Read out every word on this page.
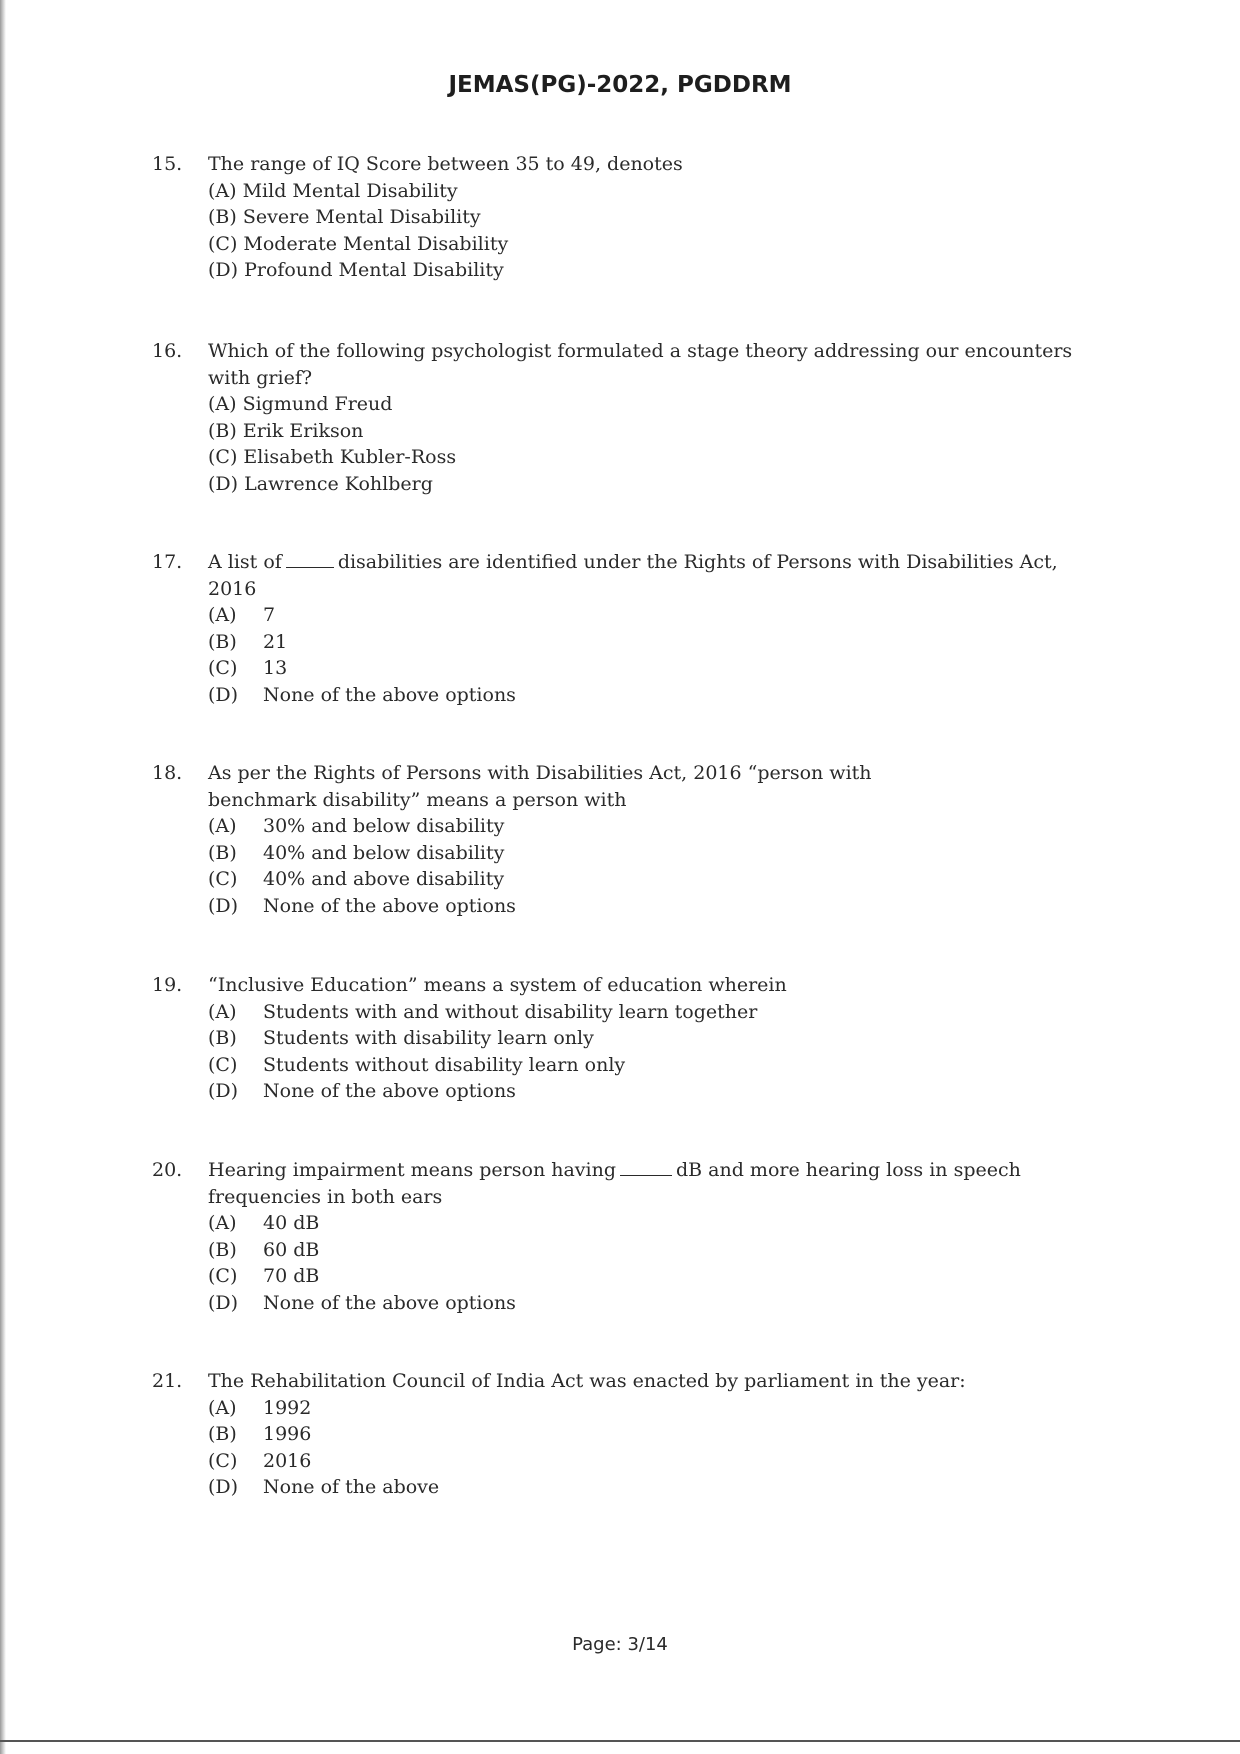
JEMAS(PG)-2022, PGDDRM
15. The range of IQ Score between 35 to 49, denotes
(A) Mild Mental Disability
(B) Severe Mental Disability
(C) Moderate Mental Disability
(D) Profound Mental Disability
16. Which of the following psychologist formulated a stage theory addressing our encounters with grief?
(A) Sigmund Freud
(B) Erik Erikson
(C) Elisabeth Kubler-Ross
(D) Lawrence Kohlberg
17. A list of	disabilities are identified under the Rights of Persons with Disabilities Act,
2016
(A) 7
(B) 21
(C) 13
(D) None of the above options
18. As per the Rights of Persons with Disabilities Act, 2016 “person with benchmark disability” means a person with
(A) 30% and below disability
(B) 40% and below disability
(C) 40% and above disability
(D) None of the above options
19. “Inclusive Education” means a system of education wherein
(A) Students with and without disability learn together
(B) Students with disability learn only
(C) Students without disability learn only
(D) None of the above options
20. Hearing impairment means person having	dB and more hearing loss in speech
frequencies in both ears
(A) 40 dB
(B) 60 dB
(C) 70 dB
(D) None of the above options
21. The Rehabilitation Council of India Act was enacted by parliament in the year:
(A) 1992
(B) 1996
(C) 2016
(D) None of the above
Page: 3/14
